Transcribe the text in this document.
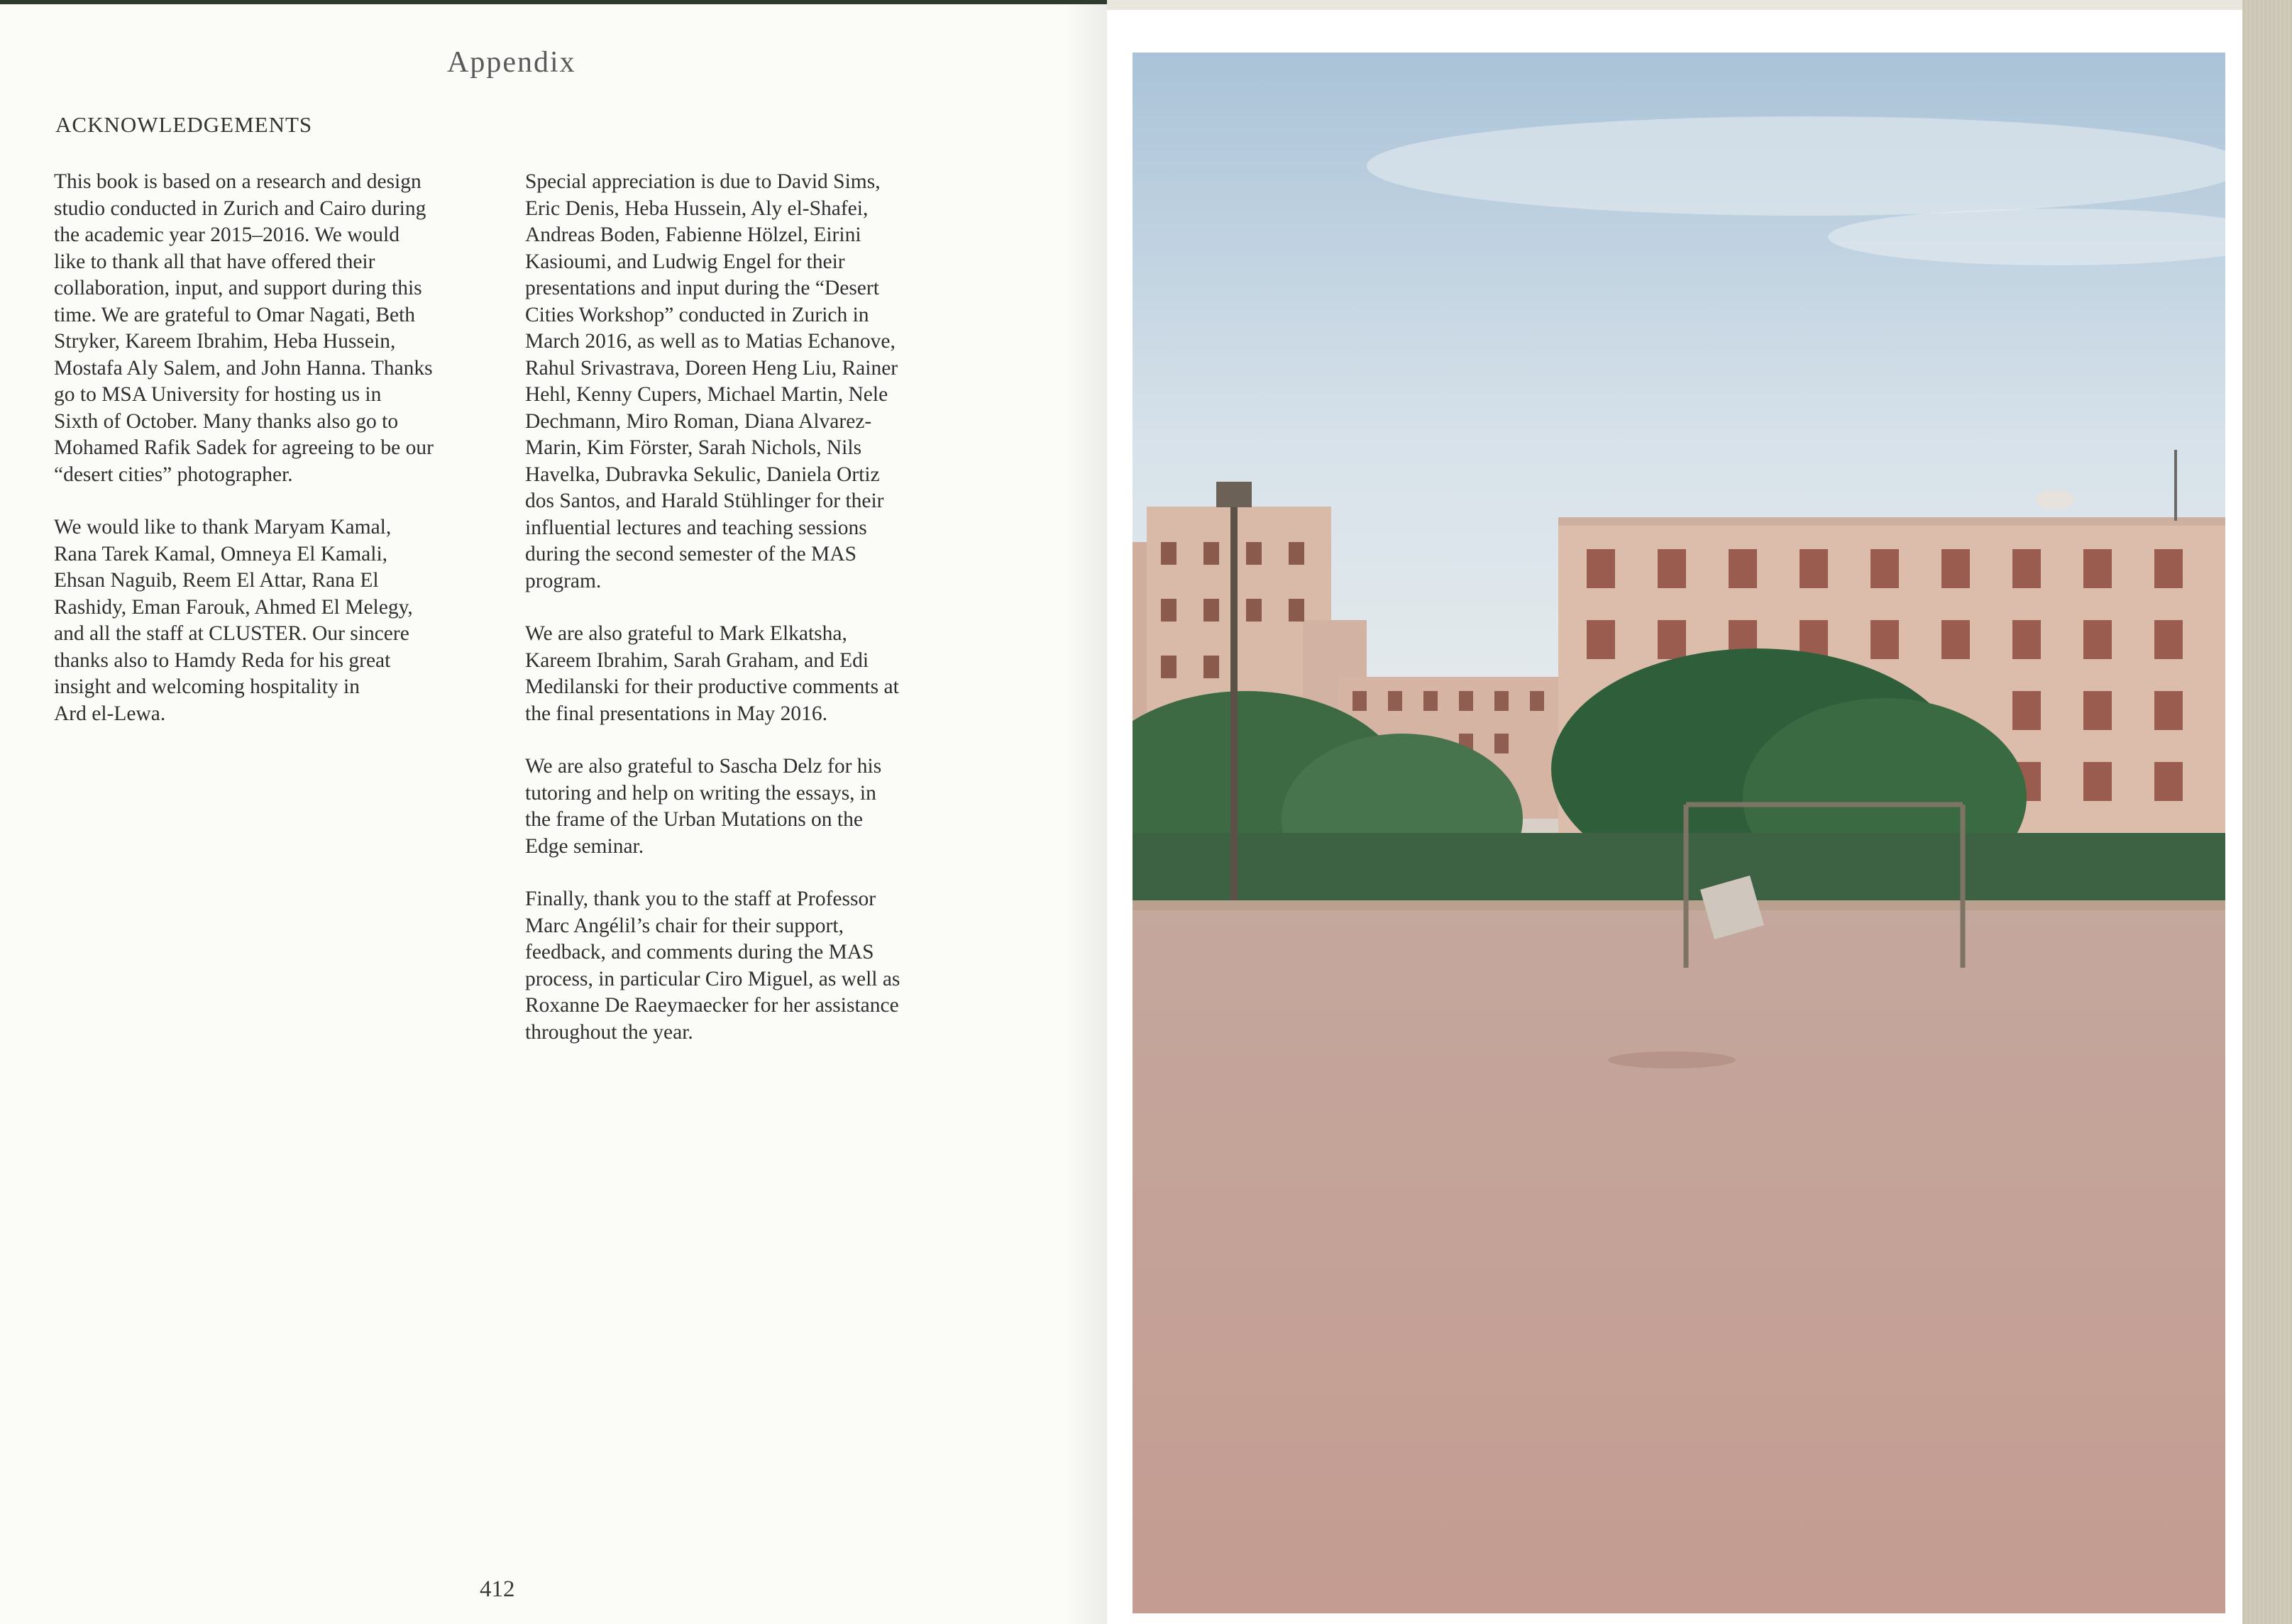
Appendix
ACKNOWLEDGEMENTS

This book is based on a research and design
studio conducted in Zurich and Cairo during
the academic year 2015–2016. We would
like to thank all that have offered their
collaboration, input, and support during this
time. We are grateful to Omar Nagati, Beth
Stryker, Kareem Ibrahim, Heba Hussein,
Mostafa Aly Salem, and John Hanna. Thanks
go to MSA University for hosting us in
Sixth of October. Many thanks also go to
Mohamed Rafik Sadek for agreeing to be our
“desert cities” photographer.

We would like to thank Maryam Kamal,
Rana Tarek Kamal, Omneya El Kamali,
Ehsan Naguib, Reem El Attar, Rana El
Rashidy, Eman Farouk, Ahmed El Melegy,
and all the staff at CLUSTER. Our sincere
thanks also to Hamdy Reda for his great
insight and welcoming hospitality in
Ard el-Lewa.

Special appreciation is due to David Sims,
Eric Denis, Heba Hussein, Aly el-Shafei,
Andreas Boden, Fabienne Hölzel, Eirini
Kasioumi, and Ludwig Engel for their
presentations and input during the “Desert
Cities Workshop” conducted in Zurich in
March 2016, as well as to Matias Echanove,
Rahul Srivastrava, Doreen Heng Liu, Rainer
Hehl, Kenny Cupers, Michael Martin, Nele
Dechmann, Miro Roman, Diana Alvarez-
Marin, Kim Förster, Sarah Nichols, Nils
Havelka, Dubravka Sekulic, Daniela Ortiz
dos Santos, and Harald Stühlinger for their
influential lectures and teaching sessions
during the second semester of the MAS
program.

We are also grateful to Mark Elkatsha,
Kareem Ibrahim, Sarah Graham, and Edi
Medilanski for their productive comments at
the final presentations in May 2016.

We are also grateful to Sascha Delz for his
tutoring and help on writing the essays, in
the frame of the Urban Mutations on the
Edge seminar.

Finally, thank you to the staff at Professor
Marc Angélil’s chair for their support,
feedback, and comments during the MAS
process, in particular Ciro Miguel, as well as
Roxanne De Raeymaecker for her assistance
throughout the year.

412
